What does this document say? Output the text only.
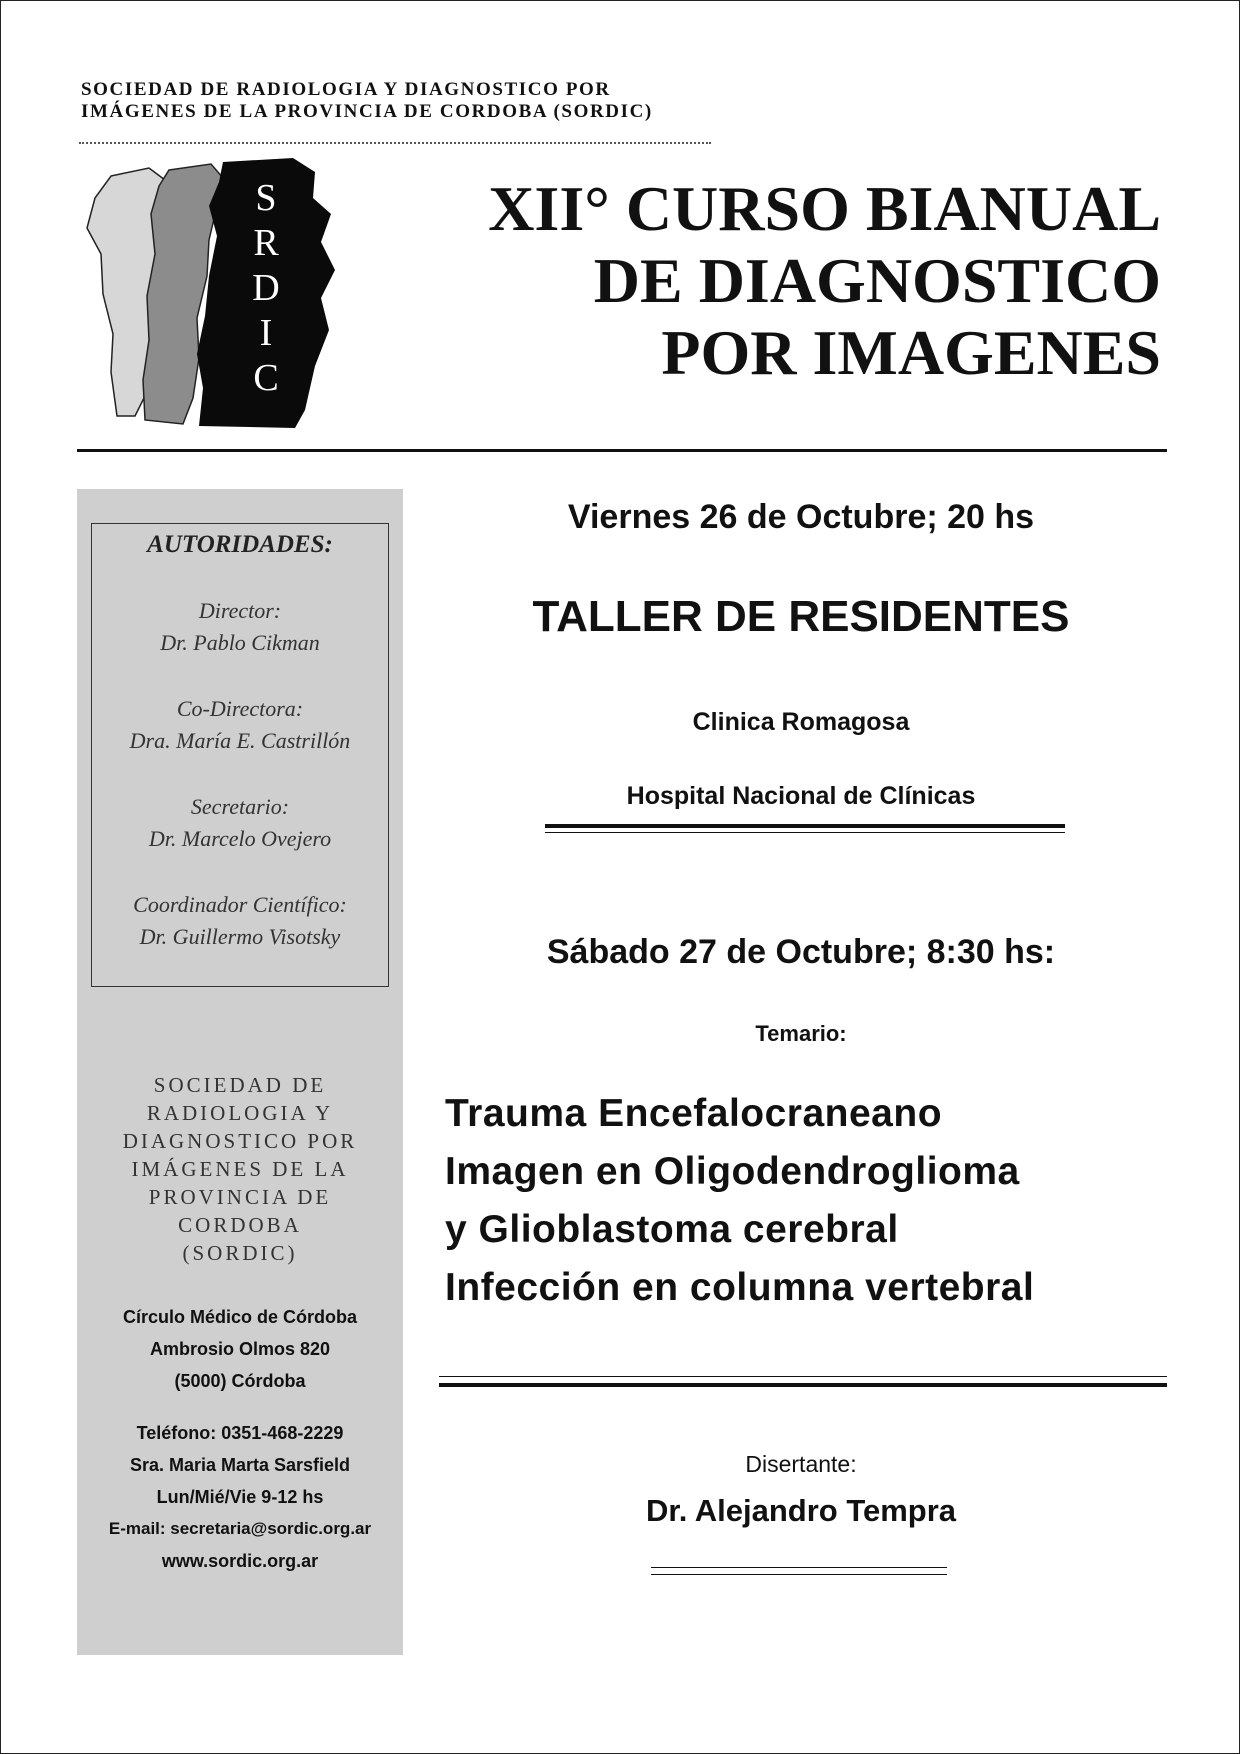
SOCIEDAD DE RADIOLOGIA Y DIAGNOSTICO POR
IMÁGENES DE LA PROVINCIA DE CORDOBA (SORDIC)
S
R
D
I
C
XII° CURSO BIANUAL
DE DIAGNOSTICO
POR IMAGENES
AUTORIDADES:
Director:
Dr. Pablo Cikman
Co-Directora:
Dra. María E. Castrillón
Secretario:
Dr. Marcelo Ovejero
Coordinador Científico:
Dr. Guillermo Visotsky
SOCIEDAD DE
RADIOLOGIA Y
DIAGNOSTICO POR
IMÁGENES DE LA
PROVINCIA DE
CORDOBA
(SORDIC)
Círculo Médico de Córdoba
Ambrosio Olmos 820
(5000) Córdoba
Teléfono: 0351-468-2229
Sra. Maria Marta Sarsfield
Lun/Mié/Vie 9-12 hs
E-mail: secretaria@sordic.org.ar
www.sordic.org.ar
Viernes 26 de Octubre; 20 hs
TALLER DE RESIDENTES
Clinica Romagosa
Hospital Nacional de Clínicas
Sábado 27 de Octubre; 8:30 hs:
Temario:
Trauma Encefalocraneano
Imagen en Oligodendroglioma
y Glioblastoma cerebral
Infección en columna vertebral
Disertante:
Dr. Alejandro Tempra
